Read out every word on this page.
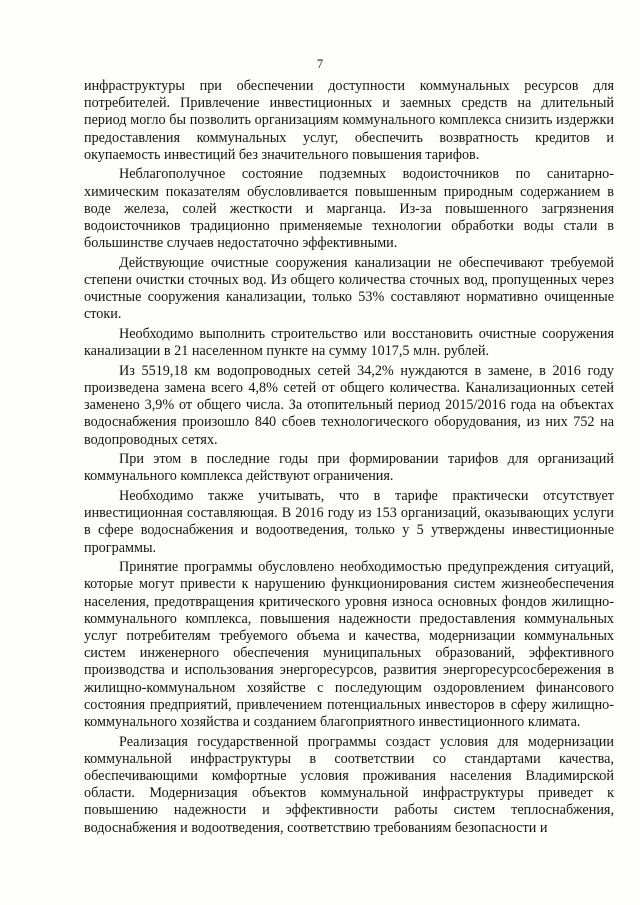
7

инфраструктуры при обеспечении доступности коммунальных ресурсов для потребителей. Привлечение инвестиционных и заемных средств на длительный период могло бы позволить организациям коммунального комплекса снизить издержки предоставления коммунальных услуг, обеспечить возвратность кредитов и окупаемость инвестиций без значительного повышения тарифов.

Неблагополучное состояние подземных водоисточников по санитарно-химическим показателям обусловливается повышенным природным содержанием в воде железа, солей жесткости и марганца. Из-за повышенного загрязнения водоисточников традиционно применяемые технологии обработки воды стали в большинстве случаев недостаточно эффективными.

Действующие очистные сооружения канализации не обеспечивают требуемой степени очистки сточных вод. Из общего количества сточных вод, пропущенных через очистные сооружения канализации, только 53% составляют нормативно очищенные стоки.

Необходимо выполнить строительство или восстановить очистные сооружения канализации в 21 населенном пункте на сумму 1017,5 млн. рублей.

Из 5519,18 км водопроводных сетей 34,2% нуждаются в замене, в 2016 году произведена замена всего 4,8% сетей от общего количества. Канализационных сетей заменено 3,9% от общего числа. За отопительный период 2015/2016 года на объектах водоснабжения произошло 840 сбоев технологического оборудования, из них 752 на водопроводных сетях.

При этом в последние годы при формировании тарифов для организаций коммунального комплекса действуют ограничения.

Необходимо также учитывать, что в тарифе практически отсутствует инвестиционная составляющая. В 2016 году из 153 организаций, оказывающих услуги в сфере водоснабжения и водоотведения, только у 5 утверждены инвестиционные программы.

Принятие программы обусловлено необходимостью предупреждения ситуаций, которые могут привести к нарушению функционирования систем жизнеобеспечения населения, предотвращения критического уровня износа основных фондов жилищно-коммунального комплекса, повышения надежности предоставления коммунальных услуг потребителям требуемого объема и качества, модернизации коммунальных систем инженерного обеспечения муниципальных образований, эффективного производства и использования энергоресурсов, развития энергоресурсосбережения в жилищно-коммунальном хозяйстве с последующим оздоровлением финансового состояния предприятий, привлечением потенциальных инвесторов в сферу жилищно-коммунального хозяйства и созданием благоприятного инвестиционного климата.

Реализация государственной программы создаст условия для модернизации коммунальной инфраструктуры в соответствии со стандартами качества, обеспечивающими комфортные условия проживания населения Владимирской области. Модернизация объектов коммунальной инфраструктуры приведет к повышению надежности и эффективности работы систем теплоснабжения, водоснабжения и водоотведения, соответствию требованиям безопасности и
